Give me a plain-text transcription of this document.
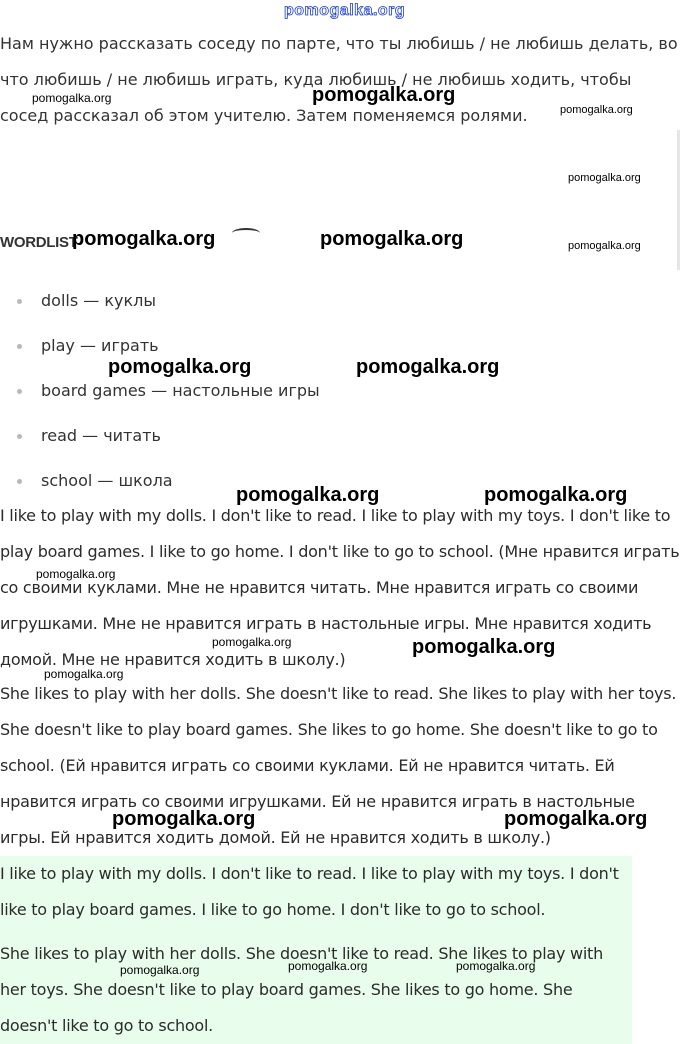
pomogalka.org

Нам нужно рассказать соседу по парте, что ты любишь / не любишь делать, во что любишь / не любишь играть, куда любишь / не любишь ходить, чтобы сосед рассказал об этом учителю. Затем поменяемся ролями.

WORDLIST
dolls — куклы
play — играть
board games — настольные игры
read — читать
school — школа

I like to play with my dolls. I don't like to read. I like to play with my toys. I don't like to play board games. I like to go home. I don't like to go to school. (Мне нравится играть со своими куклами. Мне не нравится читать. Мне нравится играть со своими игрушками. Мне не нравится играть в настольные игры. Мне нравится ходить домой. Мне не нравится ходить в школу.)

She likes to play with her dolls. She doesn't like to read. She likes to play with her toys. She doesn't like to play board games. She likes to go home. She doesn't like to go to school. (Ей нравится играть со своими куклами. Ей не нравится читать. Ей нравится играть со своими игрушками. Ей не нравится играть в настольные игры. Ей нравится ходить домой. Ей не нравится ходить в школу.)

I like to play with my dolls. I don't like to read. I like to play with my toys. I don't like to play board games. I like to go home. I don't like to go to school.

She likes to play with her dolls. She doesn't like to read. She likes to play with her toys. She doesn't like to play board games. She likes to go home. She doesn't like to go to school.

pomogalka.org	pomogalka.org
pomogalka.org
pomogalka.org
pomogalka.org	pomogalka.org	pomogalka.org
pomogalka.org	pomogalka.org
pomogalka.org	pomogalka.org
pomogalka.org
pomogalka.org	pomogalka.org
pomogalka.org
pomogalka.org	pomogalka.org
pomogalka.org	pomogalka.org	pomogalka.org
